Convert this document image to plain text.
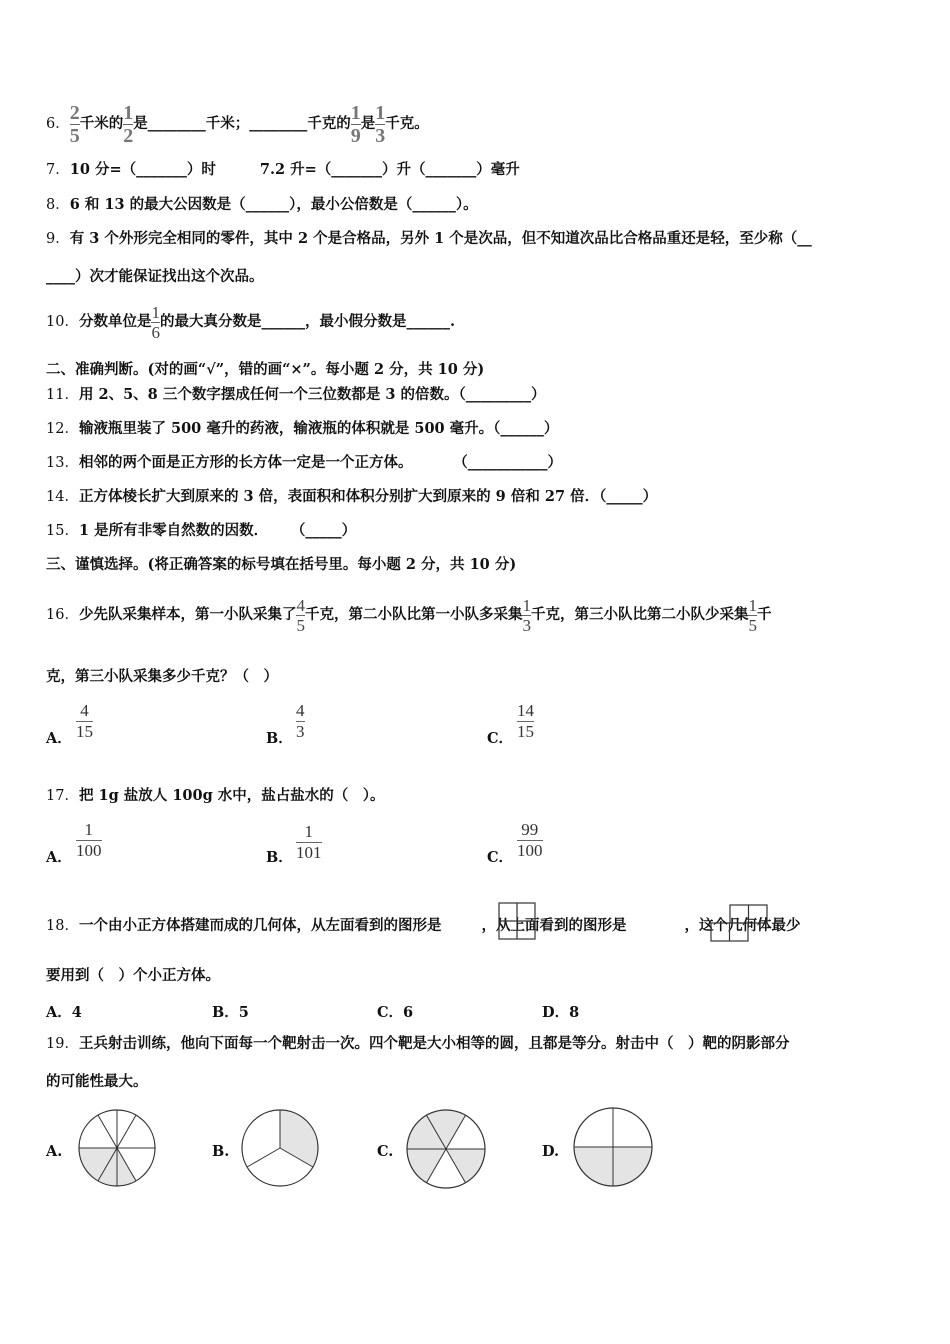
6． $\frac{2}{5}$ 千米的 $\frac{1}{2}$ 是________千米；________千克的 $\frac{1}{9}$ 是 $\frac{1}{3}$ 千克。
7．10 分=（_______）时	7.2 升=（_______）升（_______）毫升
8．6 和 13 的最大公因数是（______），最小公倍数是（______）。
9．有 3 个外形完全相同的零件，其中 2 个是合格品，另外 1 个是次品，但不知道次品比合格品重还是轻，至少称（__
____）次才能保证找出这个次品。
10．分数单位是 $\frac{1}{6}$ 的最大真分数是______，最小假分数是______.
二、准确判断。(对的画“√”，错的画“×”。每小题 2 分，共 10 分)
11．用 2、5、8 三个数字摆成任何一个三位数都是 3 的倍数。（_________）
12．输液瓶里装了 500 毫升的药液，输液瓶的体积就是 500 毫升。（______）
13．相邻的两个面是正方形的长方体一定是一个正方体。	（___________）
14．正方体棱长扩大到原来的 3 倍，表面积和体积分别扩大到原来的 9 倍和 27 倍．（_____）
15．1 是所有非零自然数的因数． （_____）
三、谨慎选择。(将正确答案的标号填在括号里。每小题 2 分，共 10 分)
16．少先队采集样本，第一小队采集了 $\frac{4}{5}$ 千克，第二小队比第一小队多采集 $\frac{1}{3}$ 千克，第三小队比第二小队少采集 $\frac{1}{5}$ 千
克，第三小队采集多少千克？（　）
A．
4
15	B．
4
3	C．
14
15
17．把 1g 盐放人 100g 水中，盐占盐水的（　）。
A．
1
100	B．
1
101	C．
99
100
18．一个由小正方体搭建而成的几何体，从左面看到的图形是	，从上面看到的图形是	，这个几何体最少
要用到（　）个小正方体。
A．4	B．5	C．6	D．8
19．王兵射击训练，他向下面每一个靶射击一次。四个靶是大小相等的圆，且都是等分。射击中（　）靶的阴影部分
的可能性最大。
A.	B.	C.	D.
